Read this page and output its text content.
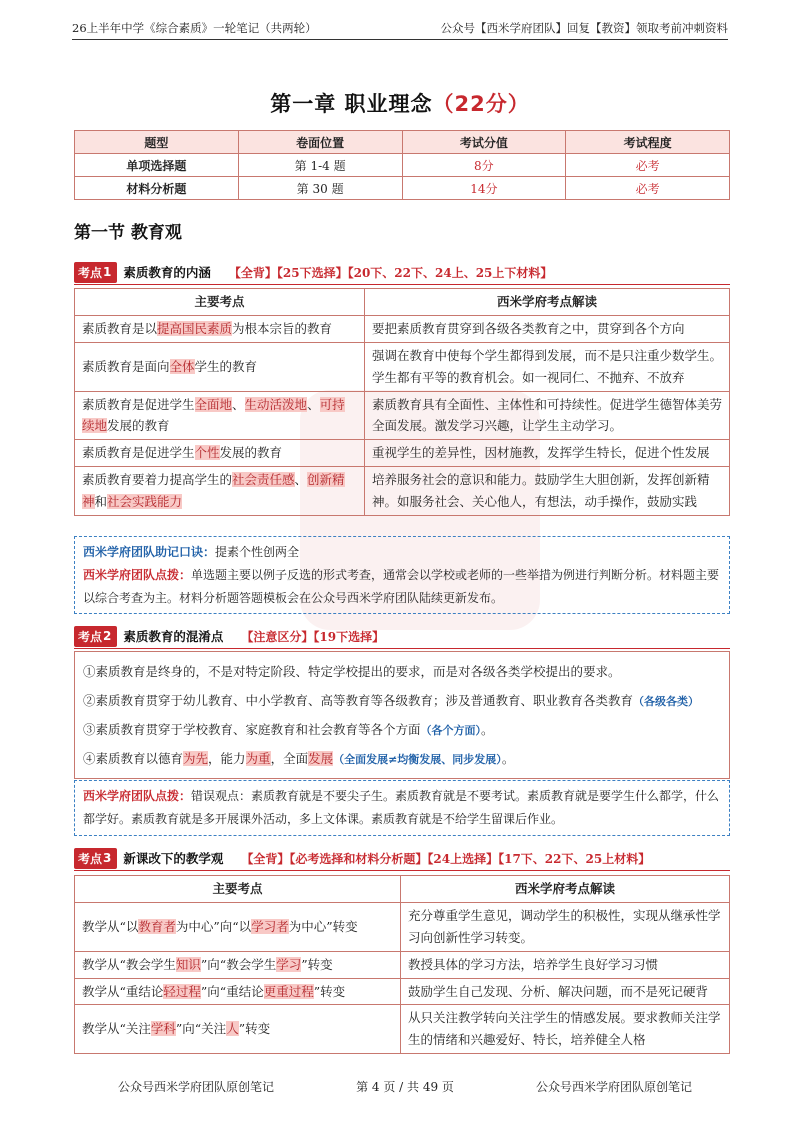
26上半年中学《综合素质》一轮笔记（共两轮）	公众号【西米学府团队】回复【教资】领取考前冲刺资料
第一章 职业理念（22分）
题型	卷面位置	考试分值	考试程度
单项选择题	第 1-4 题	8分	必考
材料分析题	第 30 题	14分	必考
第一节 教育观
考点 1 素质教育的内涵 【全背】【25下选择】【20下、22下、24上、25上下材料】
主要考点	西米学府考点解读
素质教育是以提高国民素质为根本宗旨的教育	要把素质教育贯穿到各级各类教育之中，贯穿到各个方向
素质教育是面向全体学生的教育	强调在教育中使每个学生都得到发展，而不是只注重少数学生。学生都有平等的教育机会。如一视同仁、不抛弃、不放弃
素质教育是促进学生全面地、生动活泼地、可持续地发展的教育	素质教育具有全面性、主体性和可持续性。促进学生德智体美劳全面发展。激发学习兴趣，让学生主动学习。
素质教育是促进学生个性发展的教育	重视学生的差异性，因材施教，发挥学生特长，促进个性发展
素质教育要着力提高学生的社会责任感、创新精神和社会实践能力	培养服务社会的意识和能力。鼓励学生大胆创新，发挥创新精神。如服务社会、关心他人，有想法，动手操作，鼓励实践
西米学府团队助记口诀：提素个性创两全
西米学府团队点拨：单选题主要以例子反选的形式考查，通常会以学校或老师的一些举措为例进行判断分析。材料题主要以综合考查为主。材料分析题答题模板会在公众号西米学府团队陆续更新发布。
考点 2 素质教育的混淆点 【注意区分】【19下选择】
①素质教育是终身的，不是对特定阶段、特定学校提出的要求，而是对各级各类学校提出的要求。
②素质教育贯穿于幼儿教育、中小学教育、高等教育等各级教育；涉及普通教育、职业教育各类教育（各级各类）
③素质教育贯穿于学校教育、家庭教育和社会教育等各个方面（各个方面）。
④素质教育以德育为先，能力为重，全面发展（全面发展≠均衡发展、同步发展）。
西米学府团队点拨：错误观点：素质教育就是不要尖子生。素质教育就是不要考试。素质教育就是要学生什么都学，什么都学好。素质教育就是多开展课外活动，多上文体课。素质教育就是不给学生留课后作业。
考点 3 新课改下的教学观 【全背】【必考选择和材料分析题】【24上选择】【17下、22下、25上材料】
主要考点	西米学府考点解读
教学从“以教育者为中心”向“以学习者为中心”转变	充分尊重学生意见，调动学生的积极性，实现从继承性学习向创新性学习转变。
教学从“教会学生知识”向“教会学生学习”转变	教授具体的学习方法，培养学生良好学习习惯
教学从“重结论轻过程”向“重结论更重过程”转变	鼓励学生自己发现、分析、解决问题，而不是死记硬背
教学从“关注学科”向“关注人”转变	从只关注教学转向关注学生的情感发展。要求教师关注学生的情绪和兴趣爱好、特长，培养健全人格
公众号西米学府团队原创笔记	第 4 页 / 共 49 页	公众号西米学府团队原创笔记
